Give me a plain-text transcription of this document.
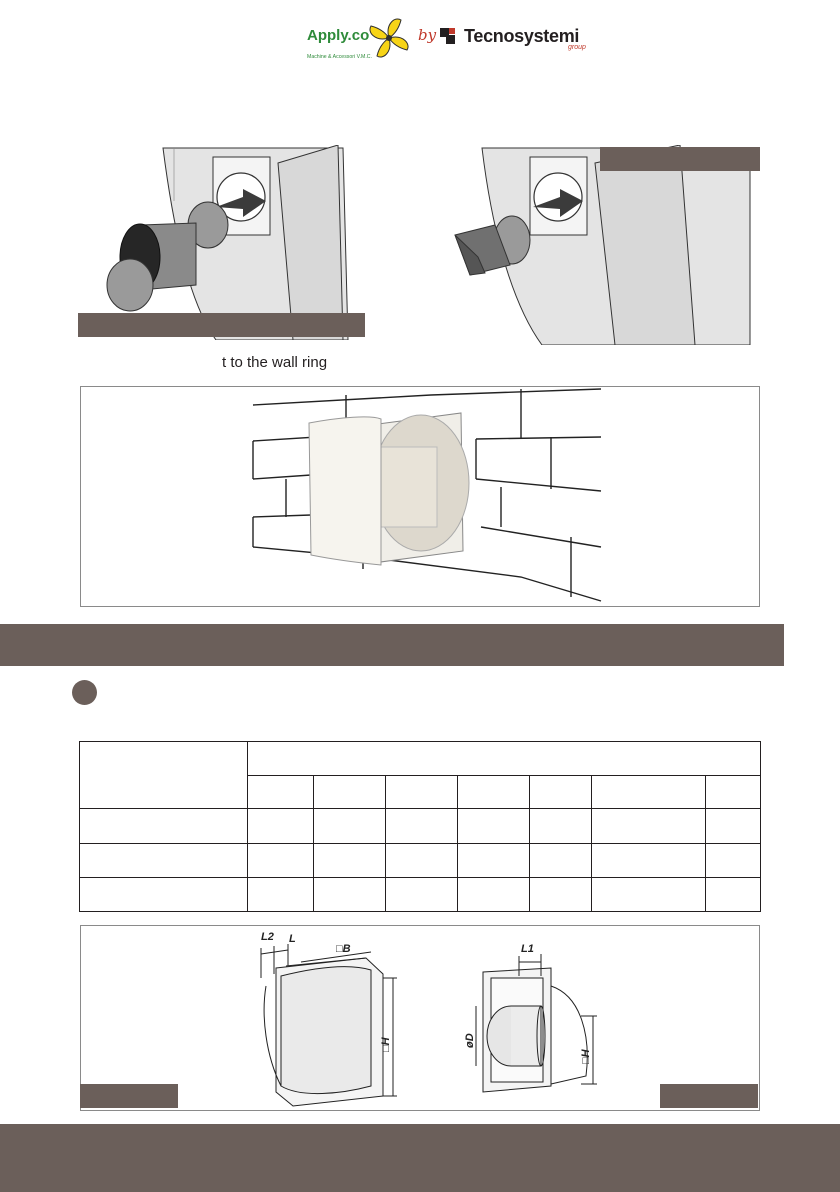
Apply.co
Machine & Accessori V.M.C.
by Tecnosystemi
group
t to the wall ring

L2 L
□B
□H
L1
øD
□H
